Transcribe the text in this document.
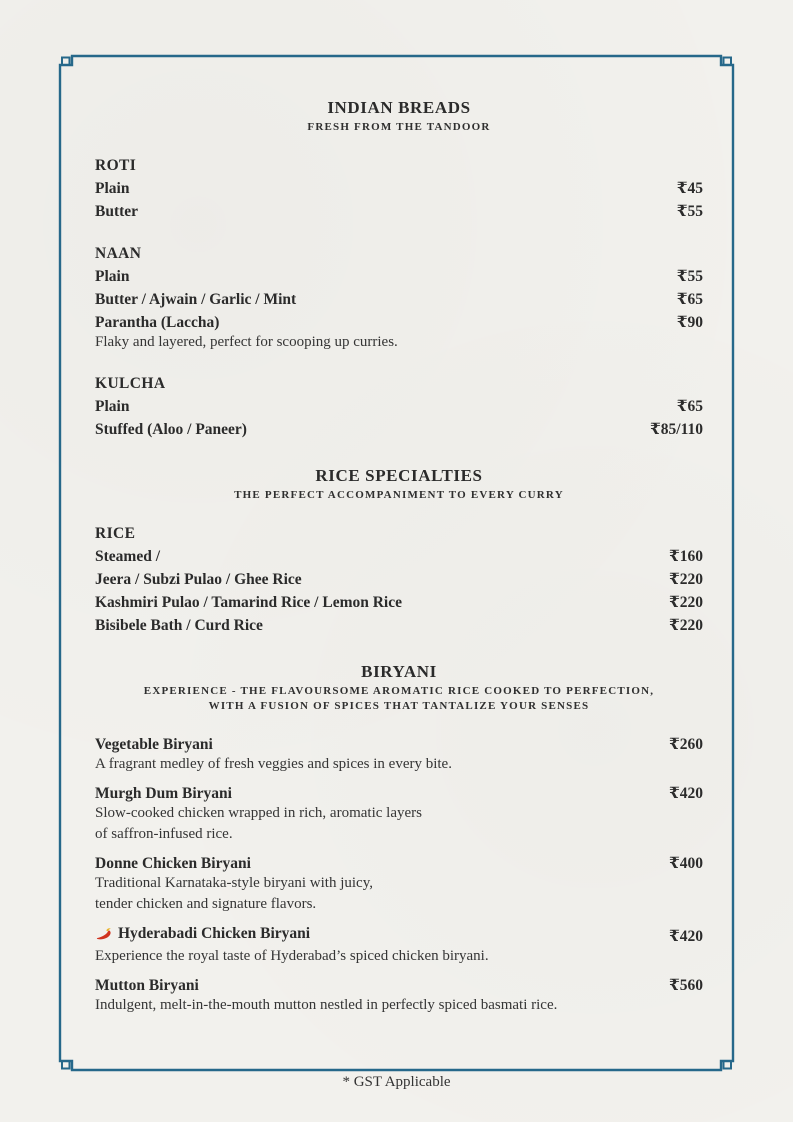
INDIAN BREADS
FRESH FROM THE TANDOOR
ROTI
Plain	₹45
Butter	₹55
NAAN
Plain	₹55
Butter / Ajwain / Garlic / Mint	₹65
Parantha (Laccha)	₹90
Flaky and layered, perfect for scooping up curries.
KULCHA
Plain	₹65
Stuffed (Aloo / Paneer)	₹85/110
RICE SPECIALTIES
THE PERFECT ACCOMPANIMENT TO EVERY CURRY
RICE
Steamed /	₹160
Jeera / Subzi Pulao / Ghee Rice	₹220
Kashmiri Pulao / Tamarind Rice / Lemon Rice	₹220
Bisibele Bath / Curd Rice	₹220
BIRYANI
EXPERIENCE - THE FLAVOURSOME AROMATIC RICE COOKED TO PERFECTION,
WITH A FUSION OF SPICES THAT TANTALIZE YOUR SENSES
Vegetable Biryani	₹260
A fragrant medley of fresh veggies and spices in every bite.
Murgh Dum Biryani	₹420
Slow-cooked chicken wrapped in rich, aromatic layers
of saffron-infused rice.
Donne Chicken Biryani	₹400
Traditional Karnataka-style biryani with juicy,
tender chicken and signature flavors.
Hyderabadi Chicken Biryani	₹420
Experience the royal taste of Hyderabad’s spiced chicken biryani.
Mutton Biryani	₹560
Indulgent, melt-in-the-mouth mutton nestled in perfectly spiced basmati rice.
* GST Applicable
